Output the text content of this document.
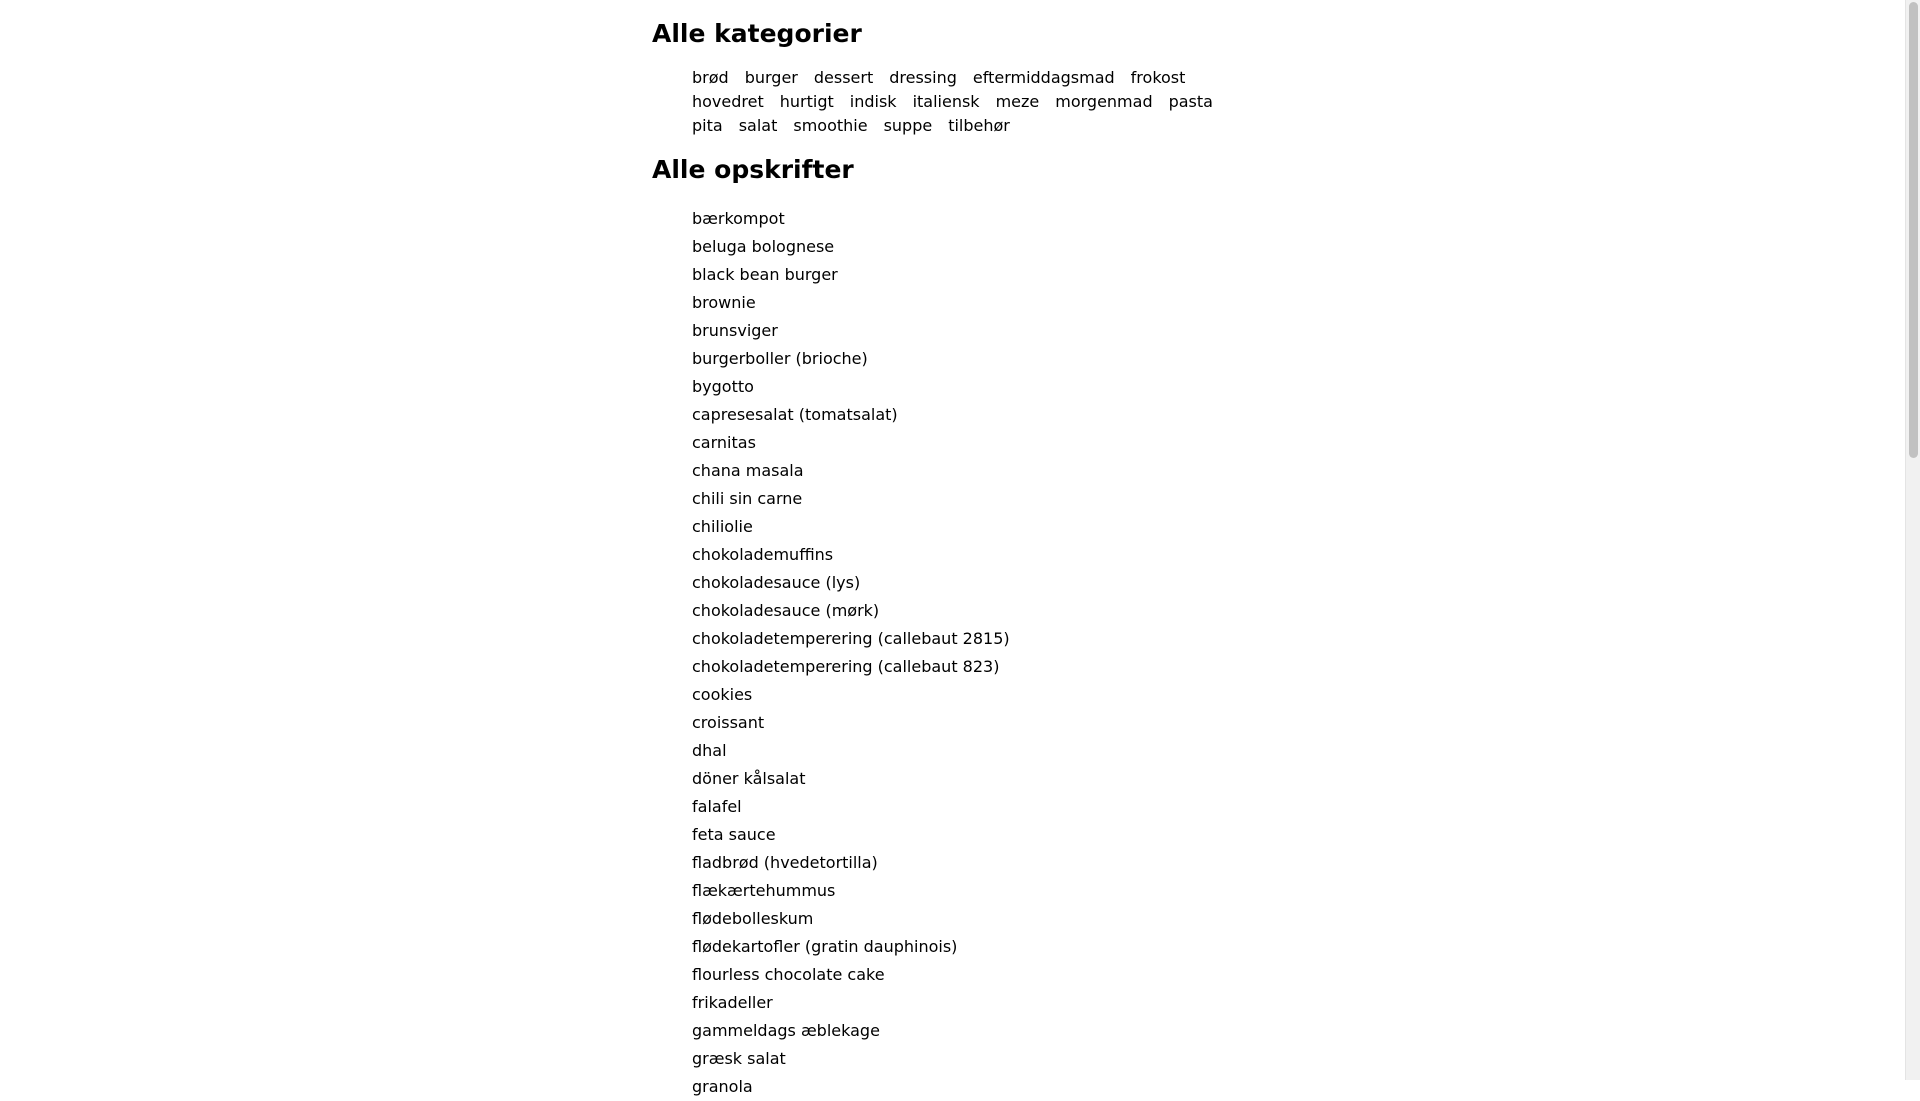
Alle kategorier
brød burger dessert dressing eftermiddagsmad frokosthovedret hurtigt indisk italiensk meze morgenmad pastapita salat smoothie suppe tilbehør
Alle opskrifter
bærkompot
beluga bolognese
black bean burger
brownie
brunsviger
burgerboller (brioche)
bygotto
capresesalat (tomatsalat)
carnitas
chana masala
chili sin carne
chiliolie
chokolademuffins
chokoladesauce (lys)
chokoladesauce (mørk)
chokoladetemperering (callebaut 2815)
chokoladetemperering (callebaut 823)
cookies
croissant
dhal
döner kålsalat
falafel
feta sauce
fladbrød (hvedetortilla)
flækærtehummus
flødebolleskum
flødekartofler (gratin dauphinois)
flourless chocolate cake
frikadeller
gammeldags æblekage
græsk salat
granola
